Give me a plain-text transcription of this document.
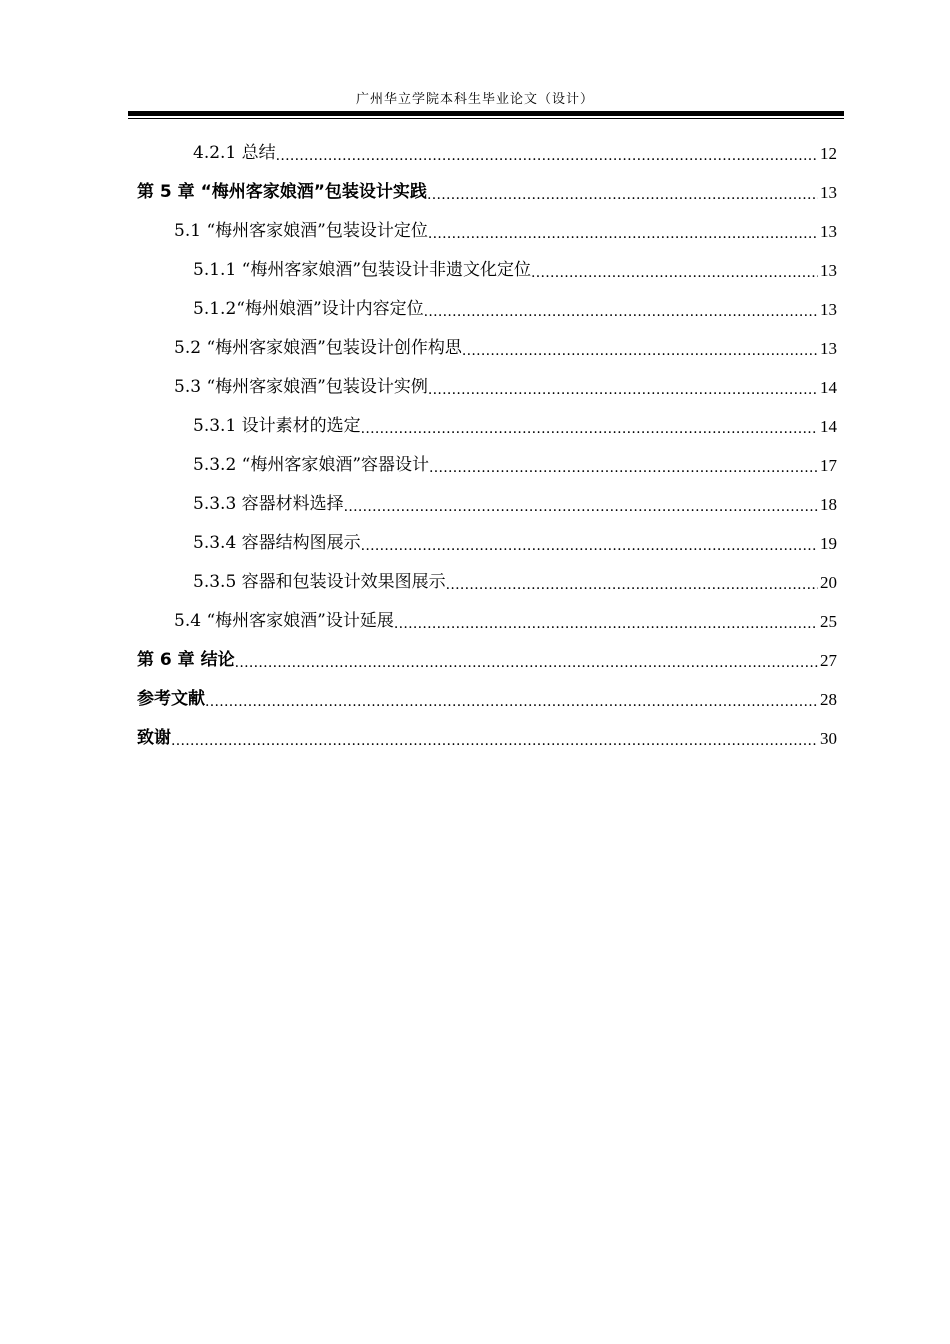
广州华立学院本科生毕业论文（设计）
4.2.1 总结 .....	12
第 5 章 “梅州客家娘酒”包装设计实践 .....	13
5.1 “梅州客家娘酒”包装设计定位 .....	13
5.1.1 “梅州客家娘酒”包装设计非遗文化定位 .....	13
5.1.2“梅州娘酒”设计内容定位 .....	13
5.2 “梅州客家娘酒”包装设计创作构思 .....	13
5.3 “梅州客家娘酒”包装设计实例 .....	14
5.3.1 设计素材的选定 .....	14
5.3.2 “梅州客家娘酒”容器设计 .....	17
5.3.3 容器材料选择 .....	18
5.3.4 容器结构图展示 .....	19
5.3.5 容器和包装设计效果图展示 .....	20
5.4 “梅州客家娘酒”设计延展 .....	25
第 6 章 结论 .....	27
参考文献 .....	28
致谢 .....	30
